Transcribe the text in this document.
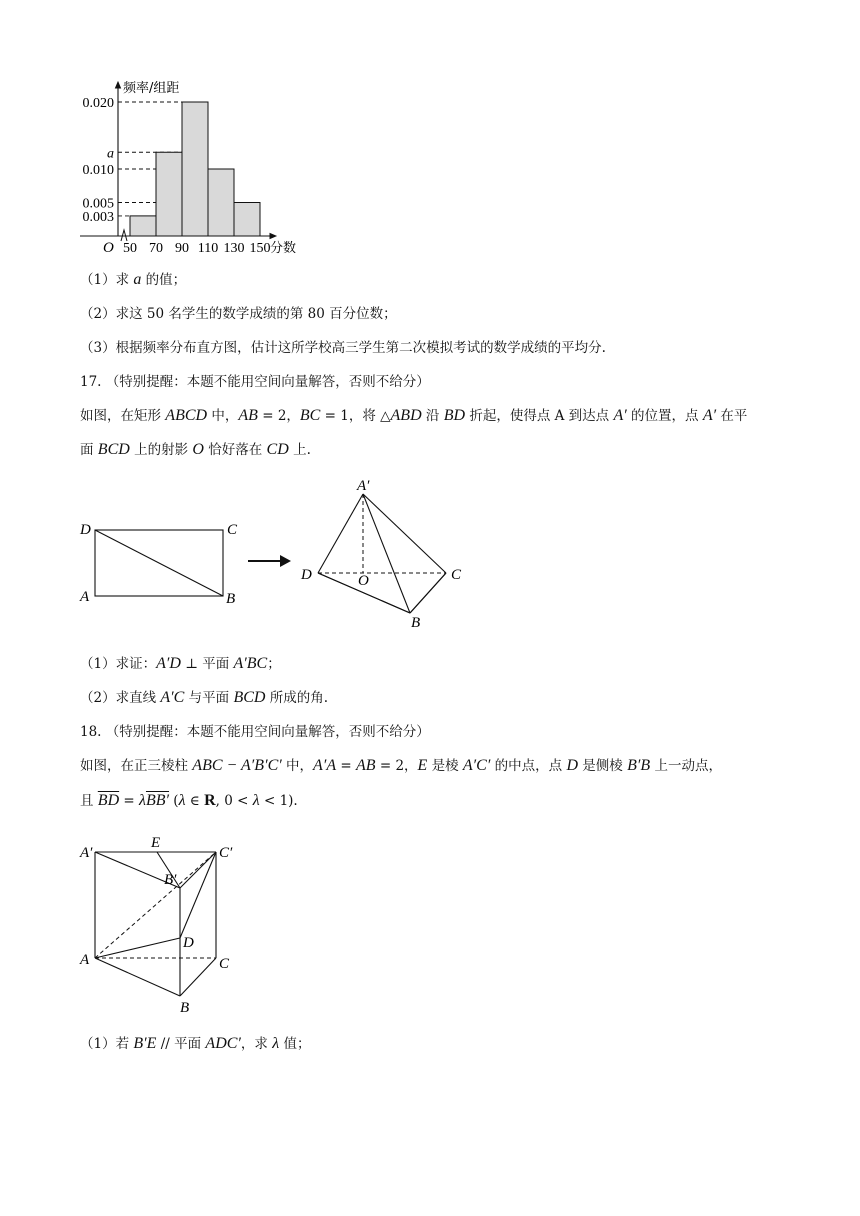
0.003
0.005
0.010
a
0.020
50 70 90 110 130 150
频率/组距
O	分数
（1）求 a 的值；
（2）求这 50 名学生的数学成绩的第 80 百分位数；
（3）根据频率分布直方图，估计这所学校高三学生第二次模拟考试的数学成绩的平均分.
17. （特别提醒：本题不能用空间向量解答，否则不给分）
如图，在矩形 ABCD 中，AB = 2，BC = 1，将 △ABD 沿 BD 折起，使得点 A 到达点 A′ 的位置，点 A′ 在平
面 BCD 上的射影 O 恰好落在 CD 上.
D	C
A	B
A′
D	O	C
B
（1）求证：A′D ⊥ 平面 A′BC；
（2）求直线 A′C 与平面 BCD 所成的角.
18. （特别提醒：本题不能用空间向量解答，否则不给分）
如图，在正三棱柱 ABC − A′B′C′ 中，A′A = AB = 2，E 是棱 A′C′ 的中点，点 D 是侧棱 B′B 上一动点，
且 $\overline{BD} = \lambda BB'$ (λ ∈ R, 0 < λ < 1).
A′
E
C′
B′
D
A	C
B
（1）若 B′E // 平面 ADC′，求 λ 值；
